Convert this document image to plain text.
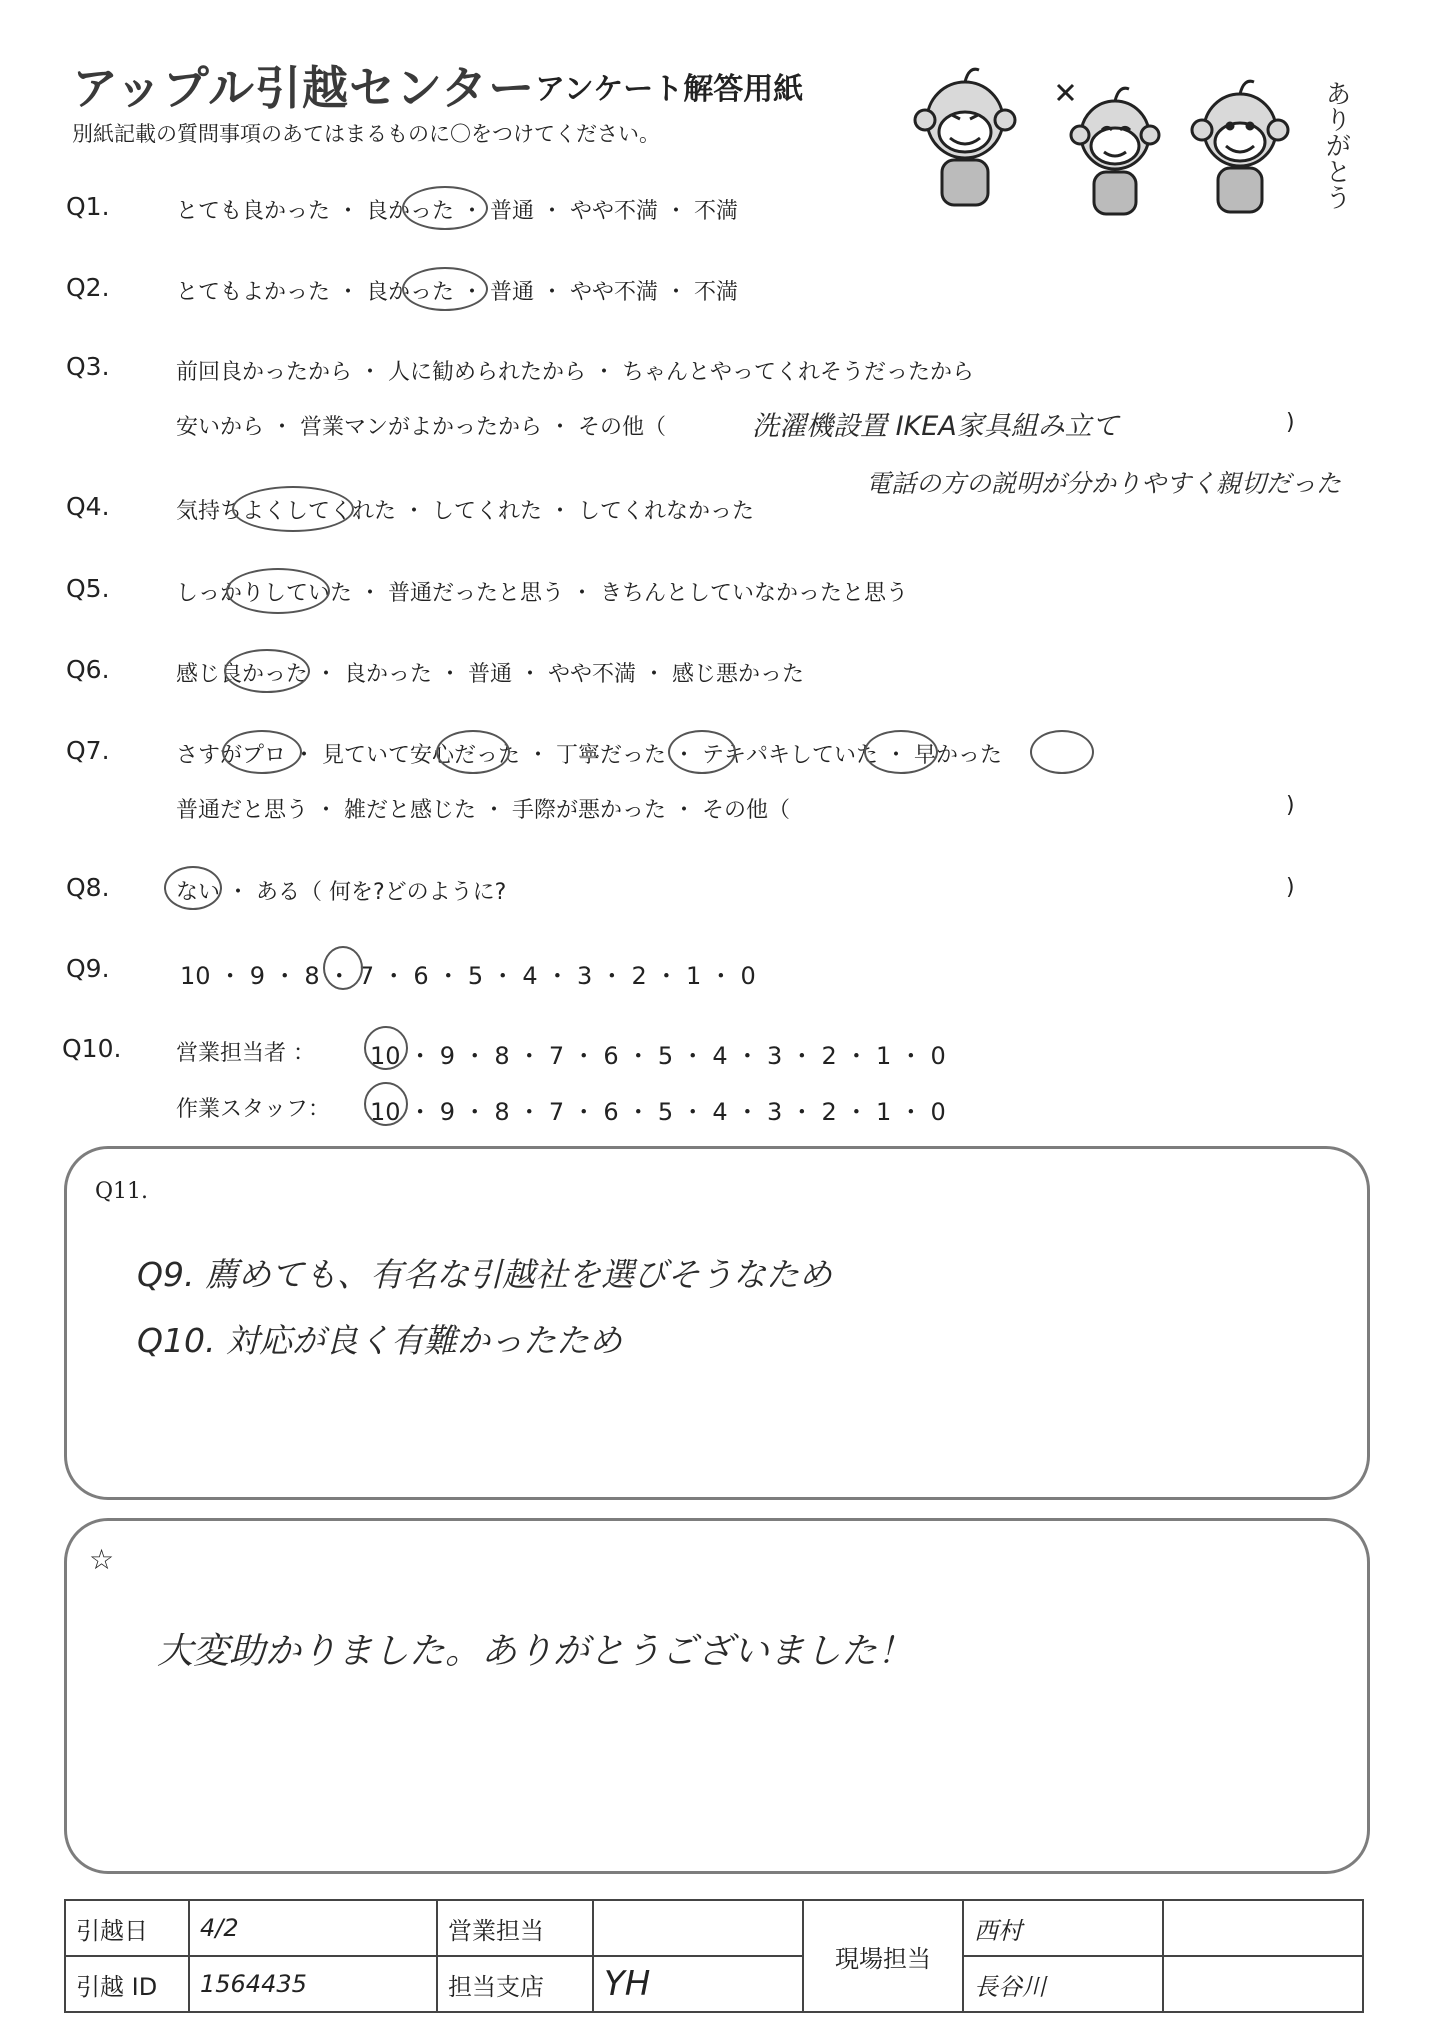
アップル引越センター アンケート解答用紙
別紙記載の質問事項のあてはまるものに〇をつけてください。	ありがとう
Q1.	とても良かった ・ 良かった ・ 普通 ・ やや不満 ・ 不満
Q2.	とてもよかった ・ 良かった ・ 普通 ・ やや不満 ・ 不満
Q3.	前回良かったから ・ 人に勧められたから ・ ちゃんとやってくれそうだったから
安いから ・ 営業マンがよかったから ・ その他（	洗濯機設置 IKEA家具組み立て	)
電話の方の説明が分かりやすく親切だった
Q4.	気持ちよくしてくれた ・ してくれた ・ してくれなかった
Q5.	しっかりしていた ・ 普通だったと思う ・ きちんとしていなかったと思う
Q6.	感じ良かった ・ 良かった ・ 普通 ・ やや不満 ・ 感じ悪かった
Q7.	さすがプロ ・ 見ていて安心だった ・ 丁寧だった ・ テキパキしていた ・ 早かった
普通だと思う ・ 雑だと感じた ・ 手際が悪かった ・ その他（	)
Q8.	ない ・ ある（ 何を?どのように?	)
Q9.	10 ・ 9 ・ 8 ・ 7 ・ 6 ・ 5 ・ 4 ・ 3 ・ 2 ・ 1 ・ 0
Q10. 営業担当者 ： 10 ・ 9 ・ 8 ・ 7 ・ 6 ・ 5 ・ 4 ・ 3 ・ 2 ・ 1 ・ 0
作業スタッフ： 10 ・ 9 ・ 8 ・ 7 ・ 6 ・ 5 ・ 4 ・ 3 ・ 2 ・ 1 ・ 0
Q11.
Q9. 薦めても、有名な引越社を選びそうなため
Q10. 対応が良く有難かったため
☆
大変助かりました。ありがとうございました！
引越日	4/2	営業担当		現場担当	西村	
引越 ID	1564435	担当支店	YH		長谷川	
